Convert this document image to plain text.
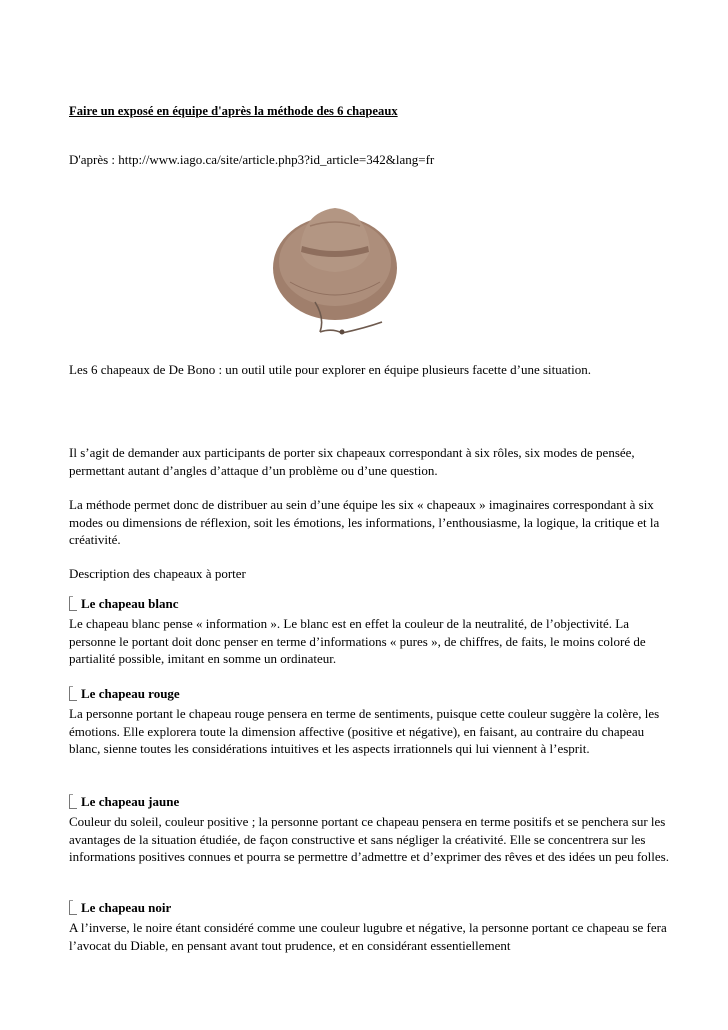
Faire un exposé en équipe d'après la méthode des 6 chapeaux

D'après : http://www.iago.ca/site/article.php3?id_article=342&lang=fr

Les 6 chapeaux de De Bono : un outil utile pour explorer en équipe plusieurs facette d’une situation.

Il s’agit de demander aux participants de porter six chapeaux correspondant à six rôles, six modes de pensée, permettant autant d’angles d’attaque d’un problème ou d’une question.

La méthode permet donc de distribuer au sein d’une équipe les six « chapeaux » imaginaires correspondant à six modes ou dimensions de réflexion, soit les émotions, les informations, l’enthousiasme, la logique, la critique et la créativité.

Description des chapeaux à porter

Le chapeau blanc

Le chapeau blanc pense « information ». Le blanc est en effet la couleur de la neutralité, de l’objectivité. La personne le portant doit donc penser en terme d’informations « pures », de chiffres, de faits, le moins coloré de partialité possible, imitant en somme un ordinateur.

Le chapeau rouge

La personne portant le chapeau rouge pensera en terme de sentiments, puisque cette couleur suggère la colère, les émotions. Elle explorera toute la dimension affective (positive et négative), en faisant, au contraire du chapeau blanc, sienne toutes les considérations intuitives et les aspects irrationnels qui lui viennent à l’esprit.

Le chapeau jaune

Couleur du soleil, couleur positive ; la personne portant ce chapeau pensera en terme positifs et se penchera sur les avantages de la situation étudiée, de façon constructive et sans négliger la créativité. Elle se concentrera sur les informations positives connues et pourra se permettre d’admettre et d’exprimer des rêves et des idées un peu folles.

Le chapeau noir

A l’inverse, le noire étant considéré comme une couleur lugubre et négative, la personne portant ce chapeau se fera l’avocat du Diable, en pensant avant tout prudence, et en considérant essentiellement
